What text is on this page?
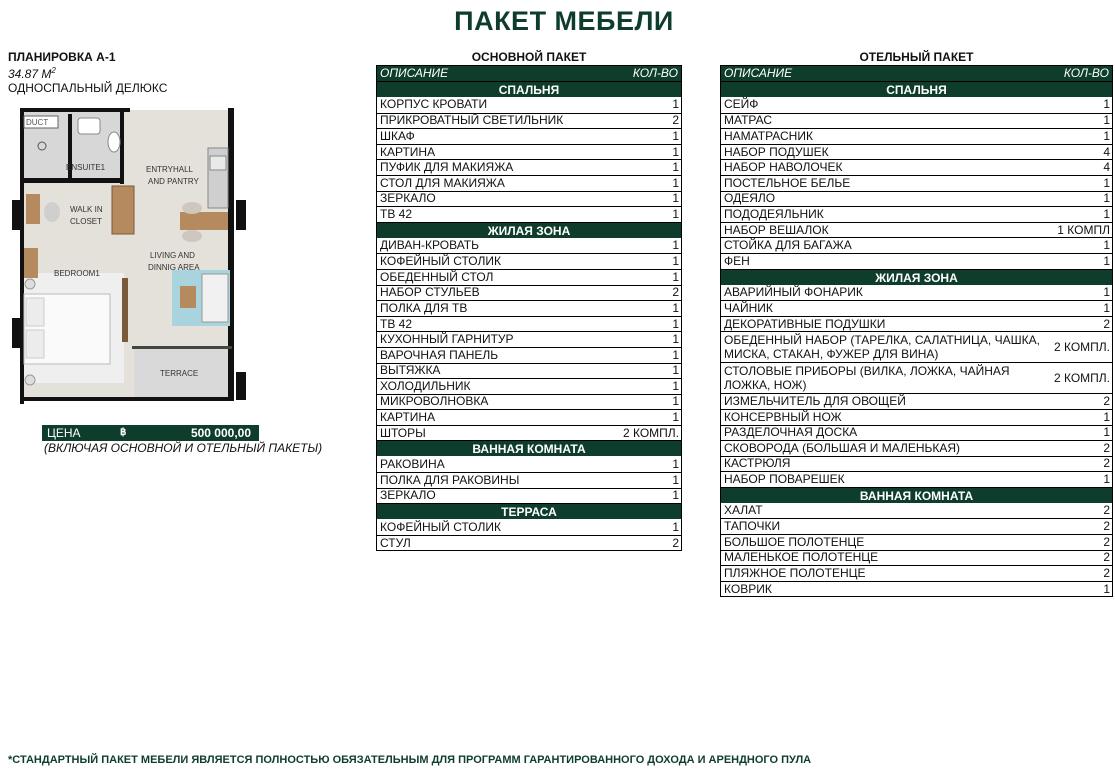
ПАКЕТ МЕБЕЛИ
ПЛАНИРОВКА А-1
34.87 $М^2$
ОДНОСПАЛЬНЫЙ ДЕЛЮКС
DUCT
ENSUITE1	ENTRYHALL
AND PANTRY
WALK IN
CLOSET
LIVING AND
DINNIG AREA
BEDROOM1
TERRACE
ЦЕНА	฿	500 000,00
(ВКЛЮЧАЯ ОСНОВНОЙ И ОТЕЛЬНЫЙ ПАКЕТЫ)
ОСНОВНОЙ ПАКЕТ
ОПИСАНИЕ	КОЛ-ВО
СПАЛЬНЯ
КОРПУС КРОВАТИ	1
ПРИКРОВАТНЫЙ СВЕТИЛЬНИК	2
ШКАФ	1
КАРТИНА	1
ПУФИК ДЛЯ МАКИЯЖА	1
СТОЛ ДЛЯ МАКИЯЖА	1
ЗЕРКАЛО	1
ТВ 42	1
ЖИЛАЯ ЗОНА
ДИВАН-КРОВАТЬ	1
КОФЕЙНЫЙ СТОЛИК	1
ОБЕДЕННЫЙ СТОЛ	1
НАБОР СТУЛЬЕВ	2
ПОЛКА ДЛЯ ТВ	1
ТВ 42	1
КУХОННЫЙ ГАРНИТУР	1
ВАРОЧНАЯ ПАНЕЛЬ	1
ВЫТЯЖКА	1
ХОЛОДИЛЬНИК	1
МИКРОВОЛНОВКА	1
КАРТИНА	1
ШТОРЫ	2 КОМПЛ.
ВАННАЯ КОМНАТА
РАКОВИНА	1
ПОЛКА ДЛЯ РАКОВИНЫ	1
ЗЕРКАЛО	1
ТЕРРАСА
КОФЕЙНЫЙ СТОЛИК	1
СТУЛ	2
ОТЕЛЬНЫЙ ПАКЕТ
ОПИСАНИЕ	КОЛ-ВО
СПАЛЬНЯ
СЕЙФ	1
МАТРАС	1
НАМАТРАСНИК	1
НАБОР ПОДУШЕК	4
НАБОР НАВОЛОЧЕК	4
ПОСТЕЛЬНОЕ БЕЛЬЕ	1
ОДЕЯЛО	1
ПОДОДЕЯЛЬНИК	1
НАБОР ВЕШАЛОК	1 КОМПЛ
СТОЙКА ДЛЯ БАГАЖА	1
ФЕН	1
ЖИЛАЯ ЗОНА
АВАРИЙНЫЙ ФОНАРИК	1
ЧАЙНИК	1
ДЕКОРАТИВНЫЕ ПОДУШКИ	2
ОБЕДЕННЫЙ НАБОР (ТАРЕЛКА, САЛАТНИЦА, ЧАШКА, МИСКА, СТАКАН, ФУЖЕР ДЛЯ ВИНА)	2 КОМПЛ.
СТОЛОВЫЕ ПРИБОРЫ (ВИЛКА, ЛОЖКА, ЧАЙНАЯ ЛОЖКА, НОЖ)	2 КОМПЛ.
ИЗМЕЛЬЧИТЕЛЬ ДЛЯ ОВОЩЕЙ	2
КОНСЕРВНЫЙ НОЖ	1
РАЗДЕЛОЧНАЯ ДОСКА	1
СКОВОРОДА (БОЛЬШАЯ И МАЛЕНЬКАЯ)	2
КАСТРЮЛЯ	2
НАБОР ПОВАРЕШЕК	1
ВАННАЯ КОМНАТА
ХАЛАТ	2
ТАПОЧКИ	2
БОЛЬШОЕ ПОЛОТЕНЦЕ	2
МАЛЕНЬКОЕ ПОЛОТЕНЦЕ	2
ПЛЯЖНОЕ ПОЛОТЕНЦЕ	2
КОВРИК	1
*СТАНДАРТНЫЙ ПАКЕТ МЕБЕЛИ ЯВЛЯЕТСЯ ПОЛНОСТЬЮ ОБЯЗАТЕЛЬНЫМ ДЛЯ ПРОГРАММ ГАРАНТИРОВАННОГО ДОХОДА И АРЕНДНОГО ПУЛА
